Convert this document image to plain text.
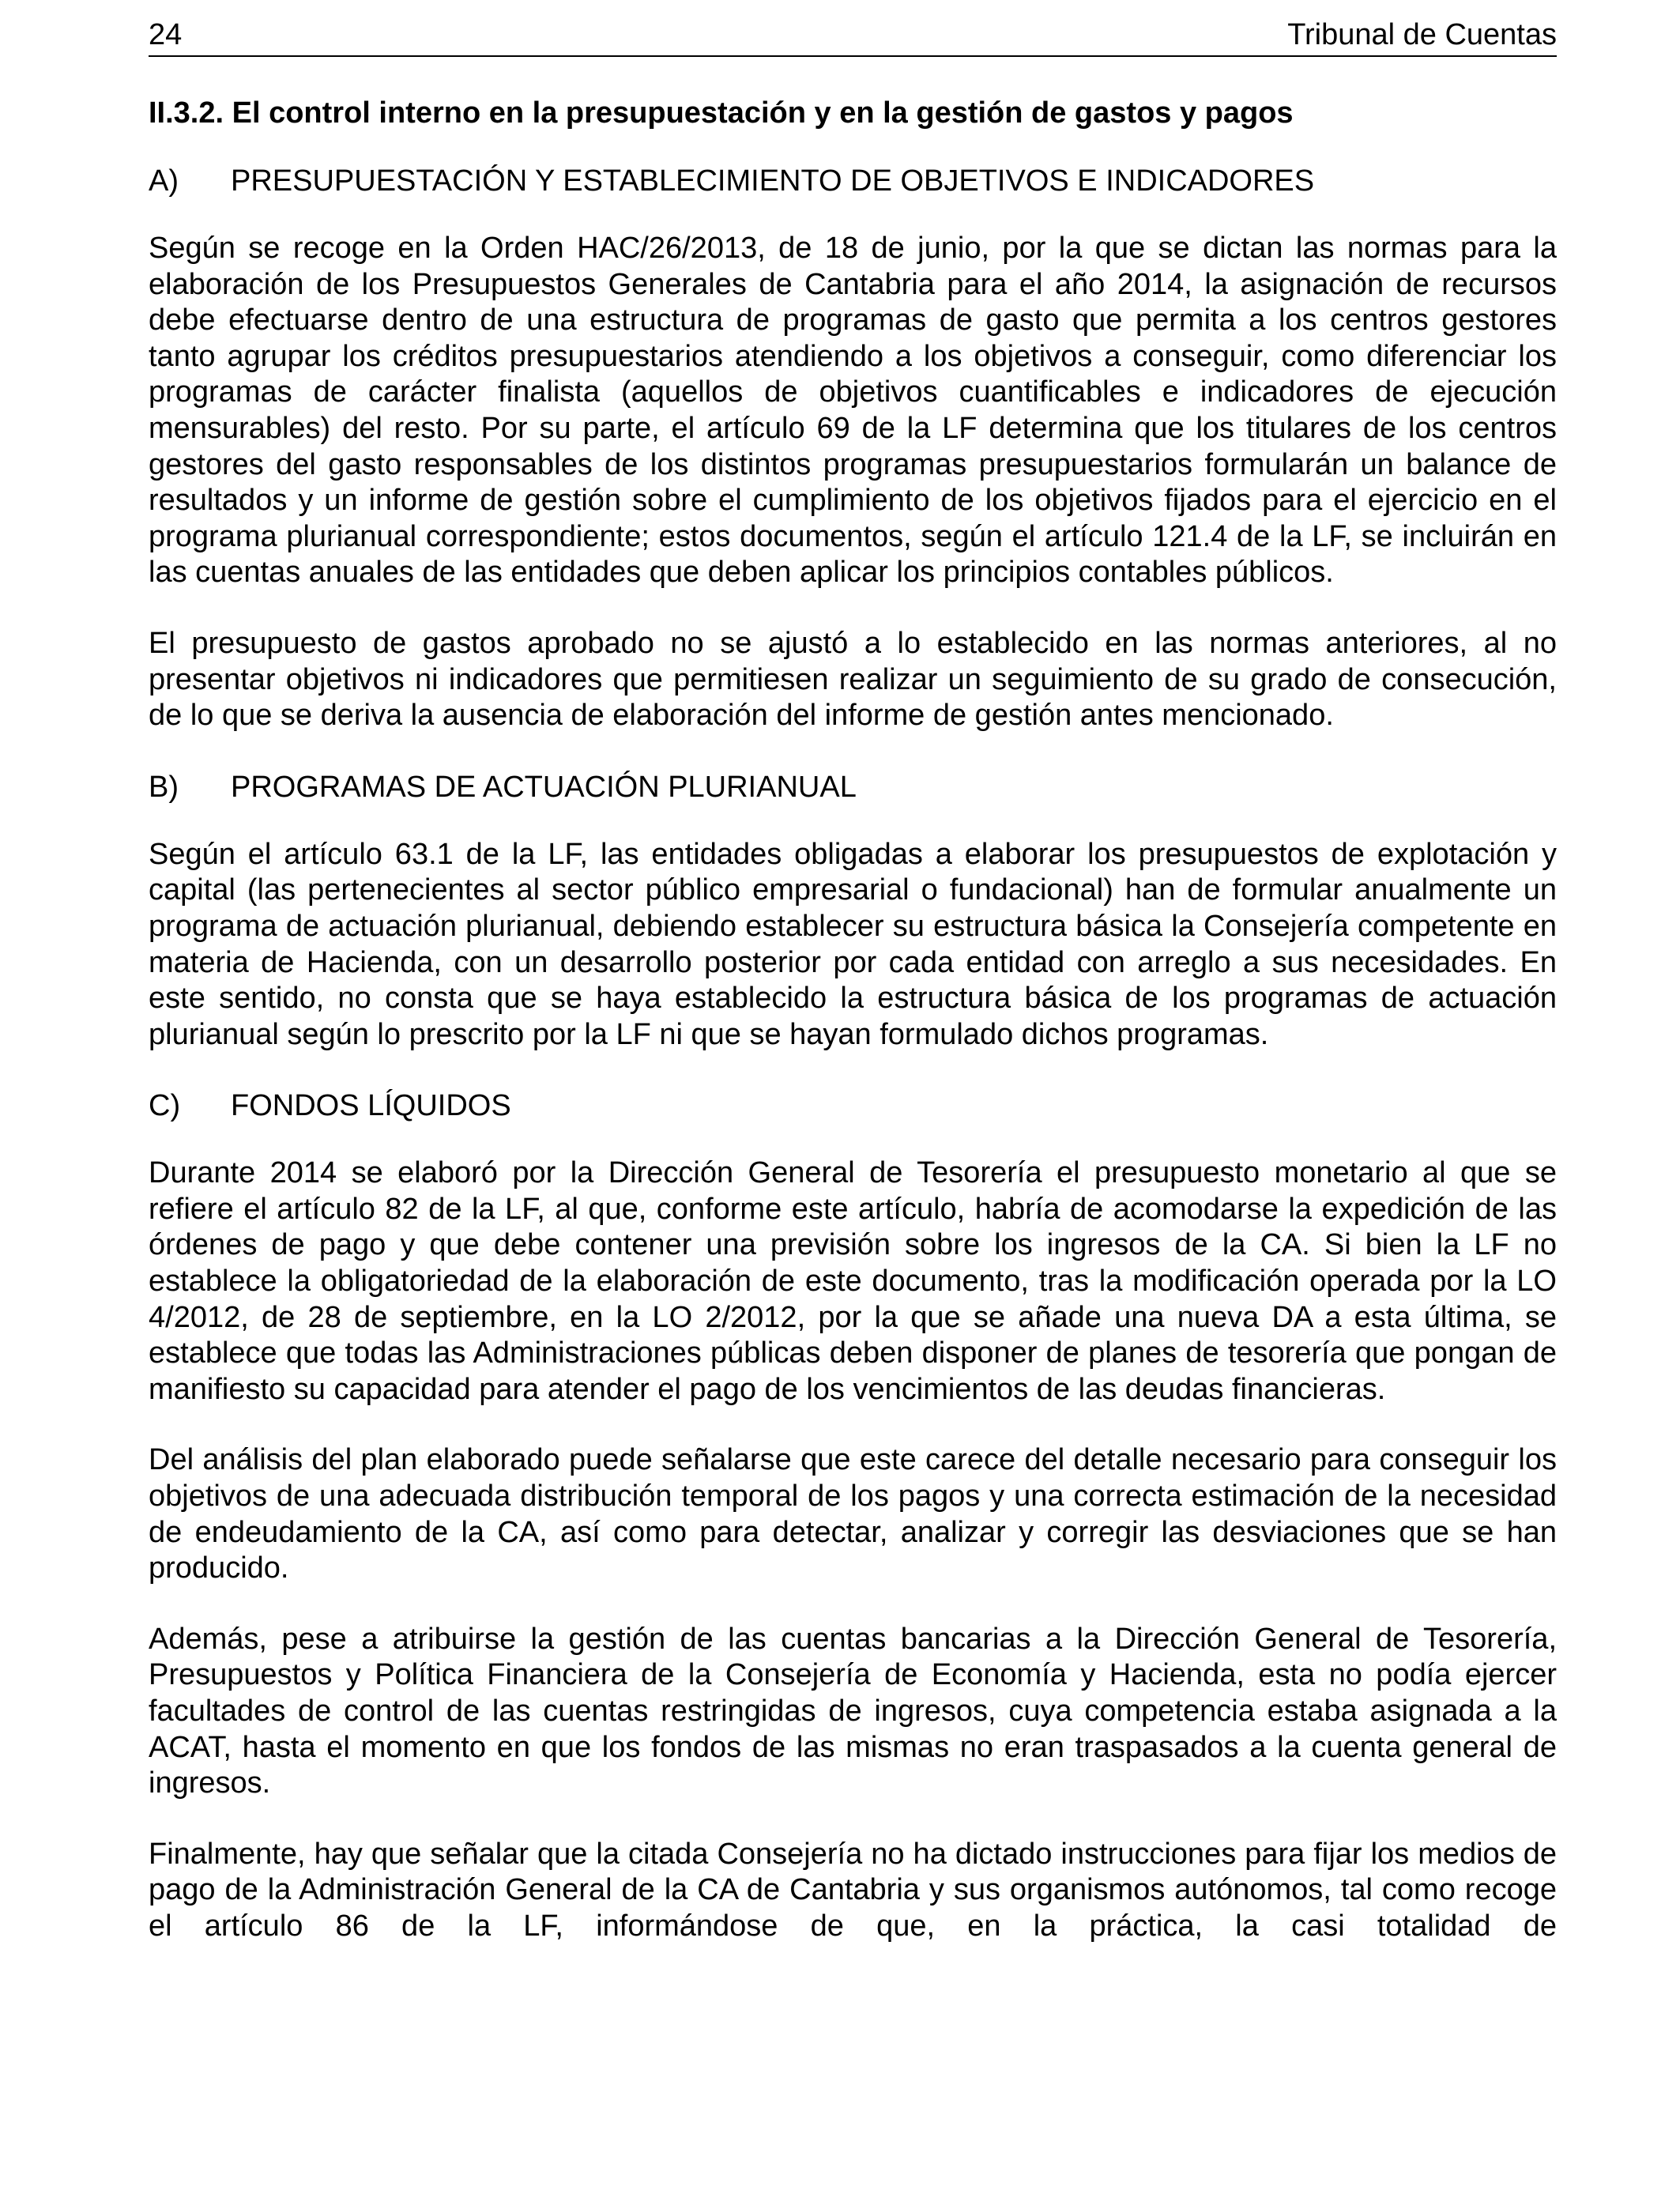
24	Tribunal de Cuentas
II.3.2. El control interno en la presupuestación y en la gestión de gastos y pagos
A)	PRESUPUESTACIÓN Y ESTABLECIMIENTO DE OBJETIVOS E INDICADORES

Según se recoge en la Orden HAC/26/2013, de 18 de junio, por la que se dictan las normas para la elaboración de los Presupuestos Generales de Cantabria para el año 2014, la asignación de recursos debe efectuarse dentro de una estructura de programas de gasto que permita a los centros gestores tanto agrupar los créditos presupuestarios atendiendo a los objetivos a conseguir, como diferenciar los programas de carácter finalista (aquellos de objetivos cuantificables e indicadores de ejecución mensurables) del resto. Por su parte, el artículo 69 de la LF determina que los titulares de los centros gestores del gasto responsables de los distintos programas presupuestarios formularán un balance de resultados y un informe de gestión sobre el cumplimiento de los objetivos fijados para el ejercicio en el programa plurianual correspondiente; estos documentos, según el artículo 121.4 de la LF, se incluirán en las cuentas anuales de las entidades que deben aplicar los principios contables públicos.

El presupuesto de gastos aprobado no se ajustó a lo establecido en las normas anteriores, al no presentar objetivos ni indicadores que permitiesen realizar un seguimiento de su grado de consecución, de lo que se deriva la ausencia de elaboración del informe de gestión antes mencionado.

B)	PROGRAMAS DE ACTUACIÓN PLURIANUAL

Según el artículo 63.1 de la LF, las entidades obligadas a elaborar los presupuestos de explotación y capital (las pertenecientes al sector público empresarial o fundacional) han de formular anualmente un programa de actuación plurianual, debiendo establecer su estructura básica la Consejería competente en materia de Hacienda, con un desarrollo posterior por cada entidad con arreglo a sus necesidades. En este sentido, no consta que se haya establecido la estructura básica de los programas de actuación plurianual según lo prescrito por la LF ni que se hayan formulado dichos programas.

C)	FONDOS LÍQUIDOS

Durante 2014 se elaboró por la Dirección General de Tesorería el presupuesto monetario al que se refiere el artículo 82 de la LF, al que, conforme este artículo, habría de acomodarse la expedición de las órdenes de pago y que debe contener una previsión sobre los ingresos de la CA. Si bien la LF no establece la obligatoriedad de la elaboración de este documento, tras la modificación operada por la LO 4/2012, de 28 de septiembre, en la LO 2/2012, por la que se añade una nueva DA a esta última, se establece que todas las Administraciones públicas deben disponer de planes de tesorería que pongan de manifiesto su capacidad para atender el pago de los vencimientos de las deudas financieras.

Del análisis del plan elaborado puede señalarse que este carece del detalle necesario para conseguir los objetivos de una adecuada distribución temporal de los pagos y una correcta estimación de la necesidad de endeudamiento de la CA, así como para detectar, analizar y corregir las desviaciones que se han producido.

Además, pese a atribuirse la gestión de las cuentas bancarias a la Dirección General de Tesorería, Presupuestos y Política Financiera de la Consejería de Economía y Hacienda, esta no podía ejercer facultades de control de las cuentas restringidas de ingresos, cuya competencia estaba asignada a la ACAT, hasta el momento en que los fondos de las mismas no eran traspasados a la cuenta general de ingresos.

Finalmente, hay que señalar que la citada Consejería no ha dictado instrucciones para fijar los medios de pago de la Administración General de la CA de Cantabria y sus organismos autónomos, tal como recoge el artículo 86 de la LF, informándose de que, en la práctica, la casi totalidad de
